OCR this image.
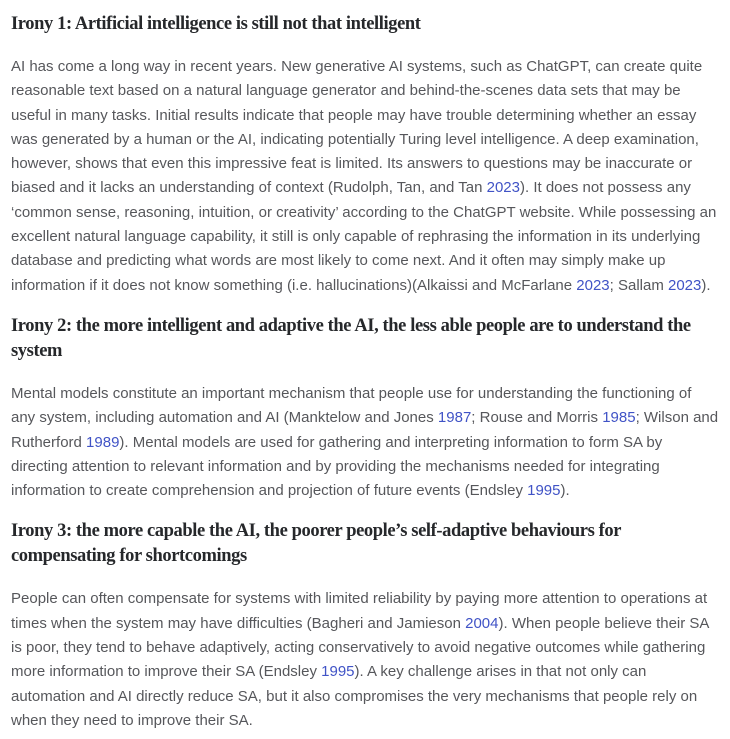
Irony 1: Artificial intelligence is still not that intelligent

AI has come a long way in recent years. New generative AI systems, such as ChatGPT, can create quite reasonable text based on a natural language generator and behind-the-scenes data sets that may be useful in many tasks. Initial results indicate that people may have trouble determining whether an essay was generated by a human or the AI, indicating potentially Turing level intelligence. A deep examination, however, shows that even this impressive feat is limited. Its answers to questions may be inaccurate or biased and it lacks an understanding of context (Rudolph, Tan, and Tan 2023). It does not possess any ‘common sense, reasoning, intuition, or creativity’ according to the ChatGPT website. While possessing an excellent natural language capability, it still is only capable of rephrasing the information in its underlying database and predicting what words are most likely to come next. And it often may simply make up information if it does not know something (i.e. hallucinations)(Alkaissi and McFarlane 2023; Sallam 2023).

Irony 2: the more intelligent and adaptive the AI, the less able people are to understand the system

Mental models constitute an important mechanism that people use for understanding the functioning of any system, including automation and AI (Manktelow and Jones 1987; Rouse and Morris 1985; Wilson and Rutherford 1989). Mental models are used for gathering and interpreting information to form SA by directing attention to relevant information and by providing the mechanisms needed for integrating information to create comprehension and projection of future events (Endsley 1995).

Irony 3: the more capable the AI, the poorer people’s self-adaptive behaviours for compensating for shortcomings

People can often compensate for systems with limited reliability by paying more attention to operations at times when the system may have difficulties (Bagheri and Jamieson 2004). When people believe their SA is poor, they tend to behave adaptively, acting conservatively to avoid negative outcomes while gathering more information to improve their SA (Endsley 1995). A key challenge arises in that not only can automation and AI directly reduce SA, but it also compromises the very mechanisms that people rely on when they need to improve their SA.
